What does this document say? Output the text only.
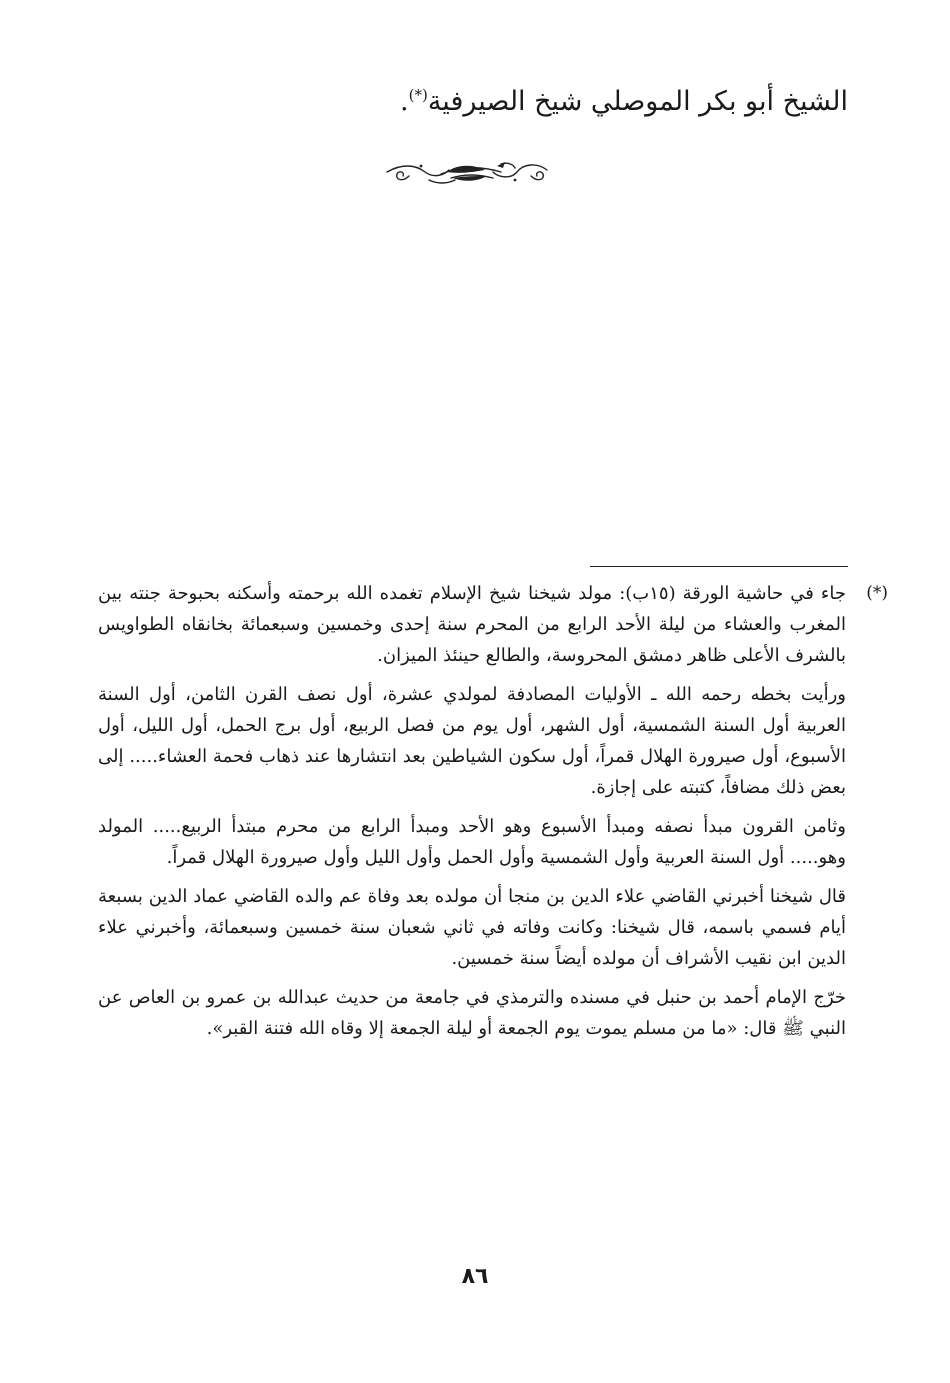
الشيخ أبو بكر الموصلي شيخ الصيرفية(*).

(*)
جاء في حاشية الورقة (١٥ب): مولد شيخنا شيخ الإسلام تغمده الله برحمته وأسكنه بحبوحة جنته بين المغرب والعشاء من ليلة الأحد الرابع من المحرم سنة إحدى وخمسين وسبعمائة بخانقاه الطواويس بالشرف الأعلى ظاهر دمشق المحروسة، والطالع حينئذ الميزان.

ورأيت بخطه رحمه الله ـ الأوليات المصادفة لمولدي عشرة، أول نصف القرن الثامن، أول السنة العربية أول السنة الشمسية، أول الشهر، أول يوم من فصل الربيع، أول برج الحمل، أول الليل، أول الأسبوع، أول صيرورة الهلال قمراً، أول سكون الشياطين بعد انتشارها عند ذهاب فحمة العشاء..... إلى بعض ذلك مضافاً، كتبته على إجازة.

وثامن القرون مبدأ نصفه ومبدأ الأسبوع وهو الأحد ومبدأ الرابع من محرم مبتدأ الربيع..... المولد وهو..... أول السنة العربية وأول الشمسية وأول الحمل وأول الليل وأول صيرورة الهلال قمراً.

قال شيخنا أخبرني القاضي علاء الدين بن منجا أن مولده بعد وفاة عم والده القاضي عماد الدين بسبعة أيام فسمي باسمه، قال شيخنا: وكانت وفاته في ثاني شعبان سنة خمسين وسبعمائة، وأخبرني علاء الدين ابن نقيب الأشراف أن مولده أيضاً سنة خمسين.

خرّج الإمام أحمد بن حنبل في مسنده والترمذي في جامعة من حديث عبدالله بن عمرو بن العاص عن النبي ﷺ قال: «ما من مسلم يموت يوم الجمعة أو ليلة الجمعة إلا وقاه الله فتنة القبر».

٨٦
